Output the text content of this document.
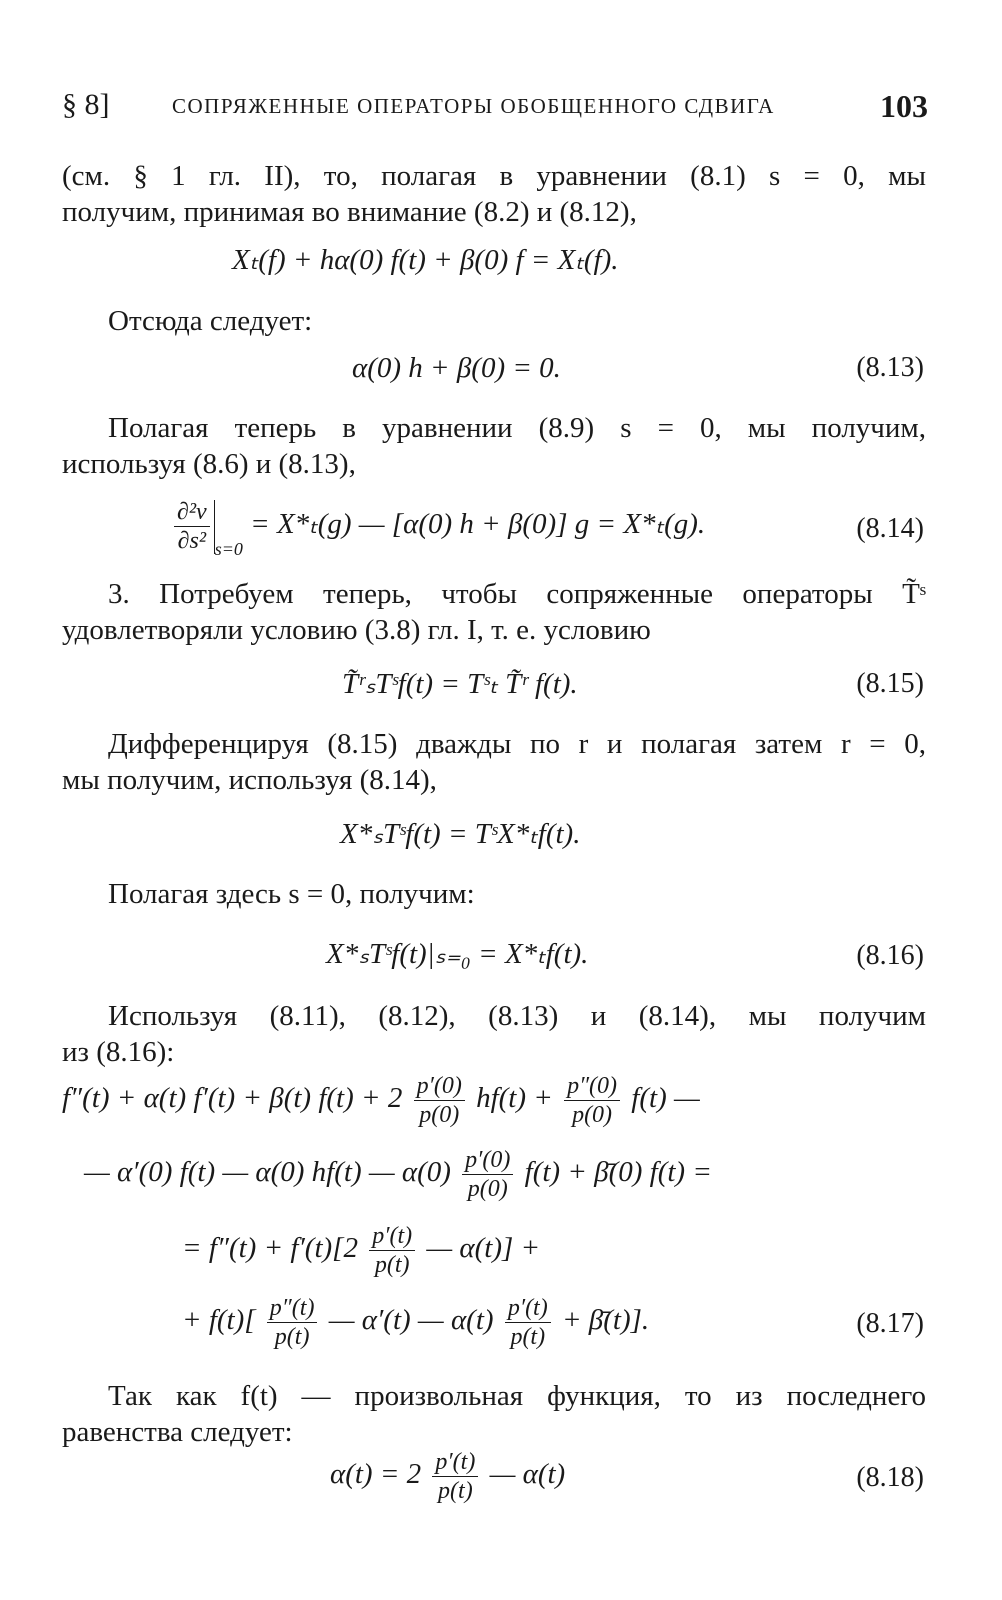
§ 8]	СОПРЯЖЕННЫЕ ОПЕРАТОРЫ ОБОБЩЕННОГО СДВИГА	103
(см. § 1 гл. II), то, полагая в уравнении (8.1) s = 0, мы
получим, принимая во внимание (8.2) и (8.12),
Xₜ(f) + hα(0) f(t) + β(0) f = Xₜ(f).
Отсюда следует:
α(0) h + β(0) = 0.	(8.13)
Полагая теперь в уравнении (8.9) s = 0, мы получим,
используя (8.6) и (8.13),
$\frac{\text{∂²v}}{\text{∂s²}} _{s=0} = X*_t(g)$ — [α(0) h + β(0)] g = X*ₜ(g).	(8.14)
3. Потребуем теперь, чтобы сопряженные операторы T̃ˢ
удовлетворяли условию (3.8) гл. I, т. е. условию
T̃ʳₛTˢf(t) = Tˢₜ T̃ʳ f(t).	(8.15)
Дифференцируя (8.15) дважды по r и полагая затем r = 0,
мы получим, используя (8.14),
X*ₛTˢf(t) = TˢX*ₜf(t).
Полагая здесь s = 0, получим:
X*ₛTˢf(t)|ₛ₌₀ = X*ₜf(t).	(8.16)
Используя (8.11), (8.12), (8.13) и (8.14), мы получим
из (8.16):
f″(t) + α(t) f′(t) + β(t) $f(t) + 2 \frac{p'(0)}{p(0)} hf(t) + \frac{p''(0)}{p(0)} f(t)$ —
— α′(0) f(t) — α(0) hf(t) — $\alpha(0) \frac{p'(0)}{p(0)} f(t)$ + β̄(0) f(t) =
= $f''(t) + f'(t)[2 \frac{p'(t)}{p(t)}$ — α(t)] +
+ $f(t)[ \frac{p''(t)}{p(t)}$ — α′(t) — $\alpha(t) \frac{p'(t)}{p(t)}$ + β̄(t)].	(8.17)
Так как f(t) — произвольная функция, то из последнего
равенства следует:
$\alpha(t) = 2 \frac{p'(t)}{p(t)}$ — α(t)	(8.18)
